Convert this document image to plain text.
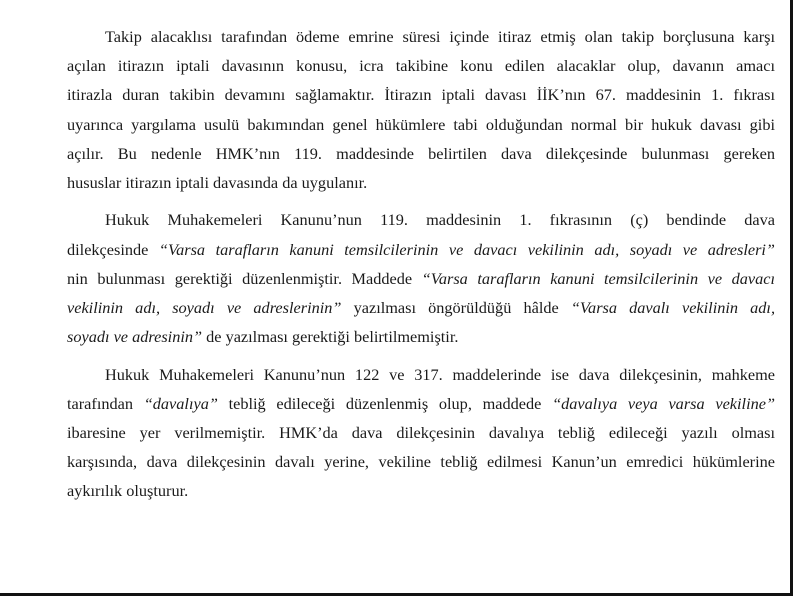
Takip alacaklısı tarafından ödeme emrine süresi içinde itiraz etmiş olan takip borçlusuna karşı
açılan itirazın iptali davasının konusu, icra takibine konu edilen alacaklar olup, davanın amacı
itirazla duran takibin devamını sağlamaktır. İtirazın iptali davası İİK’nın 67. maddesinin 1. fıkrası
uyarınca yargılama usulü bakımından genel hükümlere tabi olduğundan normal bir hukuk davası gibi
açılır. Bu nedenle HMK’nın 119. maddesinde belirtilen dava dilekçesinde bulunması gereken
hususlar itirazın iptali davasında da uygulanır.
Hukuk Muhakemeleri Kanunu’nun 119. maddesinin 1. fıkrasının (ç) bendinde dava
dilekçesinde “Varsa tarafların kanuni temsilcilerinin ve davacı vekilinin adı, soyadı ve adresleri”
nin bulunması gerektiği düzenlenmiştir. Maddede “Varsa tarafların kanuni temsilcilerinin ve davacı
vekilinin adı, soyadı ve adreslerinin” yazılması öngörüldüğü hâlde “Varsa davalı vekilinin adı,
soyadı ve adresinin” de yazılması gerektiği belirtilmemiştir.
Hukuk Muhakemeleri Kanunu’nun 122 ve 317. maddelerinde ise dava dilekçesinin, mahkeme
tarafından “davalıya” tebliğ edileceği düzenlenmiş olup, maddede “davalıya veya varsa vekiline”
ibaresine yer verilmemiştir. HMK’da dava dilekçesinin davalıya tebliğ edileceği yazılı olması
karşısında, dava dilekçesinin davalı yerine, vekiline tebliğ edilmesi Kanun’un emredici hükümlerine
aykırılık oluşturur.
